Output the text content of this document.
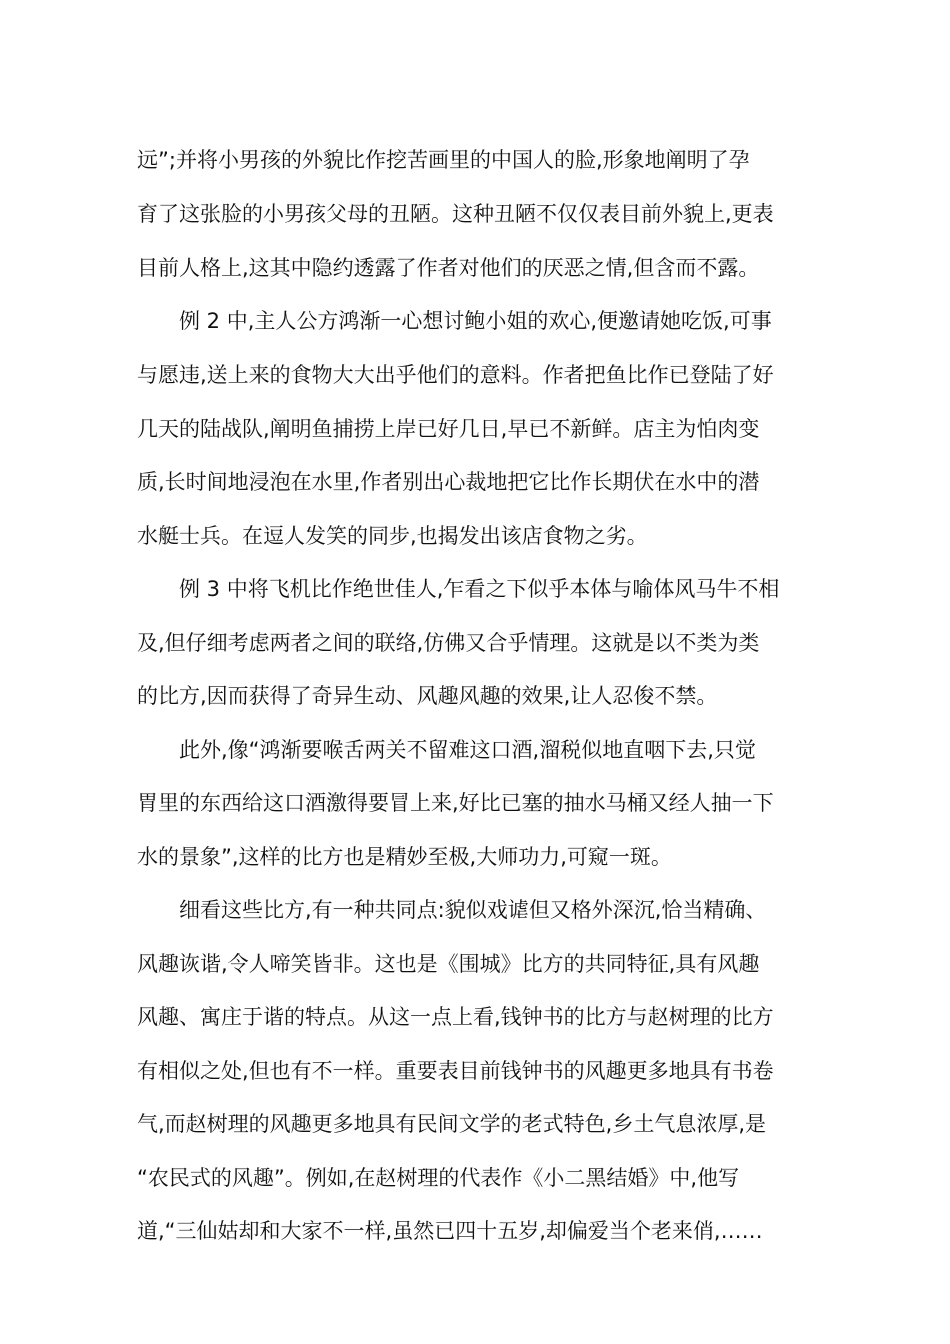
远”;并将小男孩的外貌比作挖苦画里的中国人的脸,形象地阐明了孕
育了这张脸的小男孩父母的丑陋。这种丑陋不仅仅表目前外貌上,更表
目前人格上,这其中隐约透露了作者对他们的厌恶之情,但含而不露。
例 2 中,主人公方鸿渐一心想讨鲍小姐的欢心,便邀请她吃饭,可事
与愿违,送上来的食物大大出乎他们的意料。作者把鱼比作已登陆了好
几天的陆战队,阐明鱼捕捞上岸已好几日,早已不新鲜。店主为怕肉变
质,长时间地浸泡在水里,作者别出心裁地把它比作长期伏在水中的潜
水艇士兵。在逗人发笑的同步,也揭发出该店食物之劣。
例 3 中将飞机比作绝世佳人,乍看之下似乎本体与喻体风马牛不相
及,但仔细考虑两者之间的联络,仿佛又合乎情理。这就是以不类为类
的比方,因而获得了奇异生动、风趣风趣的效果,让人忍俊不禁。
此外,像“鸿渐要喉舌两关不留难这口酒,溜税似地直咽下去,只觉
胃里的东西给这口酒激得要冒上来,好比已塞的抽水马桶又经人抽一下
水的景象”,这样的比方也是精妙至极,大师功力,可窥一斑。
细看这些比方,有一种共同点:貌似戏谑但又格外深沉,恰当精确、
风趣诙谐,令人啼笑皆非。这也是《围城》比方的共同特征,具有风趣
风趣、寓庄于谐的特点。从这一点上看,钱钟书的比方与赵树理的比方
有相似之处,但也有不一样。重要表目前钱钟书的风趣更多地具有书卷
气,而赵树理的风趣更多地具有民间文学的老式特色,乡土气息浓厚,是
“农民式的风趣”。例如,在赵树理的代表作《小二黑结婚》中,他写
道,“三仙姑却和大家不一样,虽然已四十五岁,却偏爱当个老来俏,……
